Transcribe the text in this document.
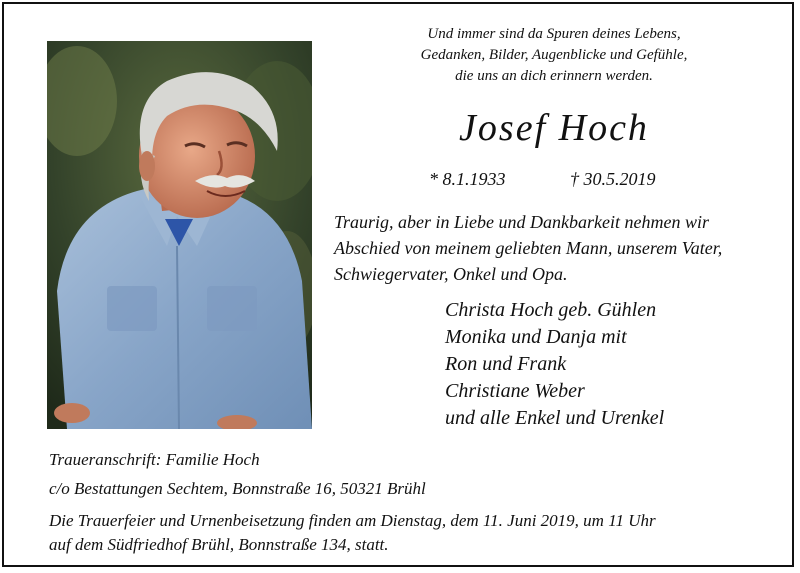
Und immer sind da Spuren deines Lebens,
Gedanken, Bilder, Augenblicke und Gefühle,
die uns an dich erinnern werden.
Josef Hoch
* 8.1.1933	† 30.5.2019
Traurig, aber in Liebe und Dankbarkeit nehmen wir
Abschied von meinem geliebten Mann, unserem Vater,
Schwiegervater, Onkel und Opa.
Christa Hoch geb. Gühlen
Monika und Danja mit
Ron und Frank
Christiane Weber
und alle Enkel und Urenkel
Traueranschrift: Familie Hoch
c/o Bestattungen Sechtem, Bonnstraße 16, 50321 Brühl
Die Trauerfeier und Urnenbeisetzung finden am Dienstag, dem 11. Juni 2019, um 11 Uhr
auf dem Südfriedhof Brühl, Bonnstraße 134, statt.
